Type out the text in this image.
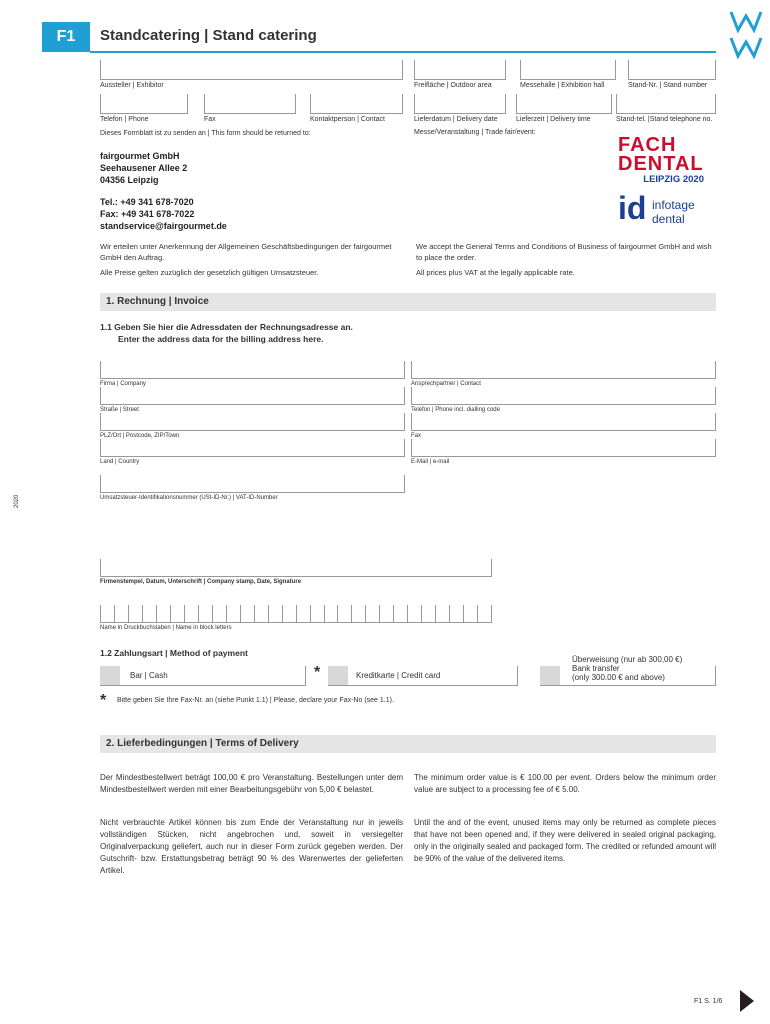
F1	Standcatering | Stand catering
Aussteller | Exhibitor	Freifläche | Outdoor area	Messehalle | Exhibition hall	Stand-Nr. | Stand number
Telefon | Phone	Fax	Kontaktperson | Contact	Lieferdatum | Delivery date	Lieferzeit | Delivery time	Stand-tel. |Stand telephone no.
Dieses Formblatt ist zu senden an | This form should be returned to:	Messe/Veranstaltung | Trade fair/event:
fairgourmet GmbH
Seehausener Allee 2
04356 Leipzig
Tel.: +49 341 678-7020
Fax: +49 341 678-7022
standservice@fairgourmet.de
FACH
DENTAL
LEIPZIG 2020
id infotage
dental
Wir erteilen unter Anerkennung der Allgemeinen Geschäftsbedingungen der fairgourmet GmbH den Auftrag.
Alle Preise gelten zuzüglich der gesetzlich gültigen Umsatzsteuer.
We accept the General Terms and Conditions of Business of fairgourmet GmbH and wish to place the order.
All prices plus VAT at the legally applicable rate.
1. Rechnung | Invoice
1.1 Geben Sie hier die Adressdaten der Rechnungsadresse an.
Enter the address data for the billing address here.
Firma | Company	Ansprechpartner | Contact
Straße | Street	Telefon | Phone incl. dialling code
PLZ/Ort | Postcode, ZIP/Town	Fax
Land | Country	E-Mail | e-mail
Umsatzsteuer-Identifikationsnummer (USt-ID-Nr.) | VAT-ID-Number
2020
Firmenstempel, Datum, Unterschrift | Company stamp, Date, Signature
Name in Druckbuchstaben | Name in block letters
1.2 Zahlungsart | Method of payment
Bar | Cash	*	Kreditkarte | Credit card
Überweisung (nur ab 300,00 €)
Bank transfer
(only 300.00 € and above)
* Bitte geben Sie Ihre Fax-Nr. an (siehe Punkt 1.1) | Please, declare your Fax-No (see 1.1).
2. Lieferbedingungen | Terms of Delivery
Der Mindestbestellwert beträgt 100,00 € pro Veranstaltung. Bestellungen unter dem Mindestbestellwert werden mit einer Bearbeitungsgebühr von 5,00 € belastet.
Nicht verbrauchte Artikel können bis zum Ende der Veranstaltung nur in jeweils vollständigen Stücken, nicht angebrochen und, soweit in versiegelter Originalverpackung geliefert, auch nur in dieser Form zurück gegeben werden. Der Gutschrift- bzw. Erstattungsbetrag beträgt 90 % des Warenwertes der gelieferten Artikel.
The minimum order value is € 100.00 per event. Orders below the minimum order value are subject to a processing fee of € 5.00.
Until the and of the event, unused items may only be returned as complete pieces that have not been opened and, if they were delivered in sealed original packaging, only in the originally sealed and packaged form. The credited or refunded amount will be 90% of the value of the delivered items.
F1 S. 1/6
